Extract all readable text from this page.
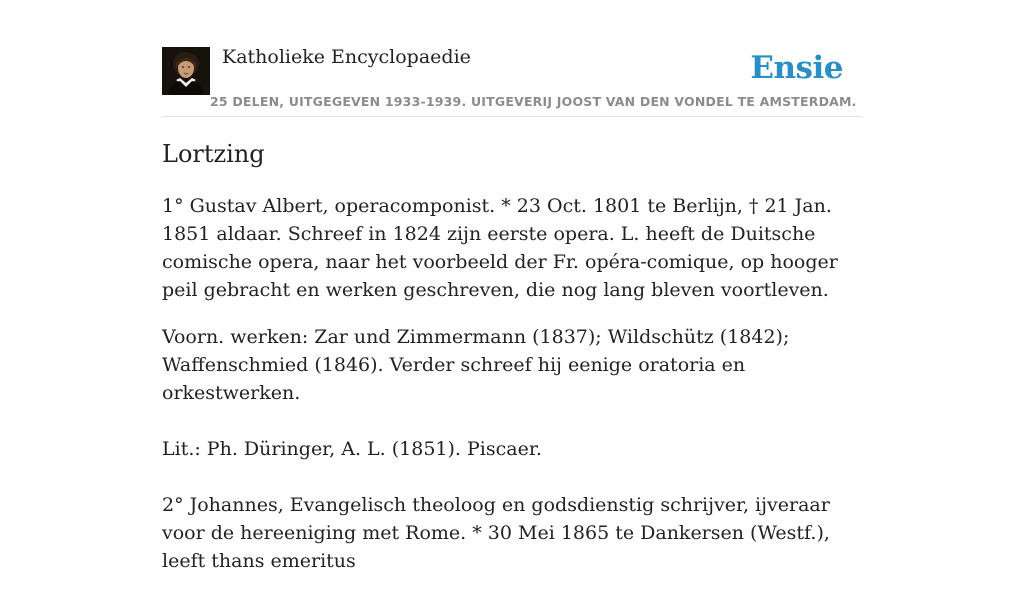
Katholieke Encyclopaedie	Ensie
25 DELEN, UITGEGEVEN 1933-1939. UITGEVERIJ JOOST VAN DEN VONDEL TE AMSTERDAM.
Lortzing

1° Gustav Albert, operacomponist. * 23 Oct. 1801 te Berlijn, † 21 Jan. 1851 aldaar. Schreef in 1824 zijn eerste opera. L. heeft de Duitsche comische opera, naar het voorbeeld der Fr. opéra-comique, op hooger peil gebracht en werken geschreven, die nog lang bleven voortleven.

Voorn. werken: Zar und Zimmermann (1837); Wildschütz (1842); Waffenschmied (1846). Verder schreef hij eenige oratoria en orkestwerken.

Lit.: Ph. Düringer, A. L. (1851). Piscaer.

2° Johannes, Evangelisch theoloog en godsdienstig schrijver, ijveraar voor de hereeniging met Rome. * 30 Mei 1865 te Dankersen (Westf.), leeft thans emeritus
